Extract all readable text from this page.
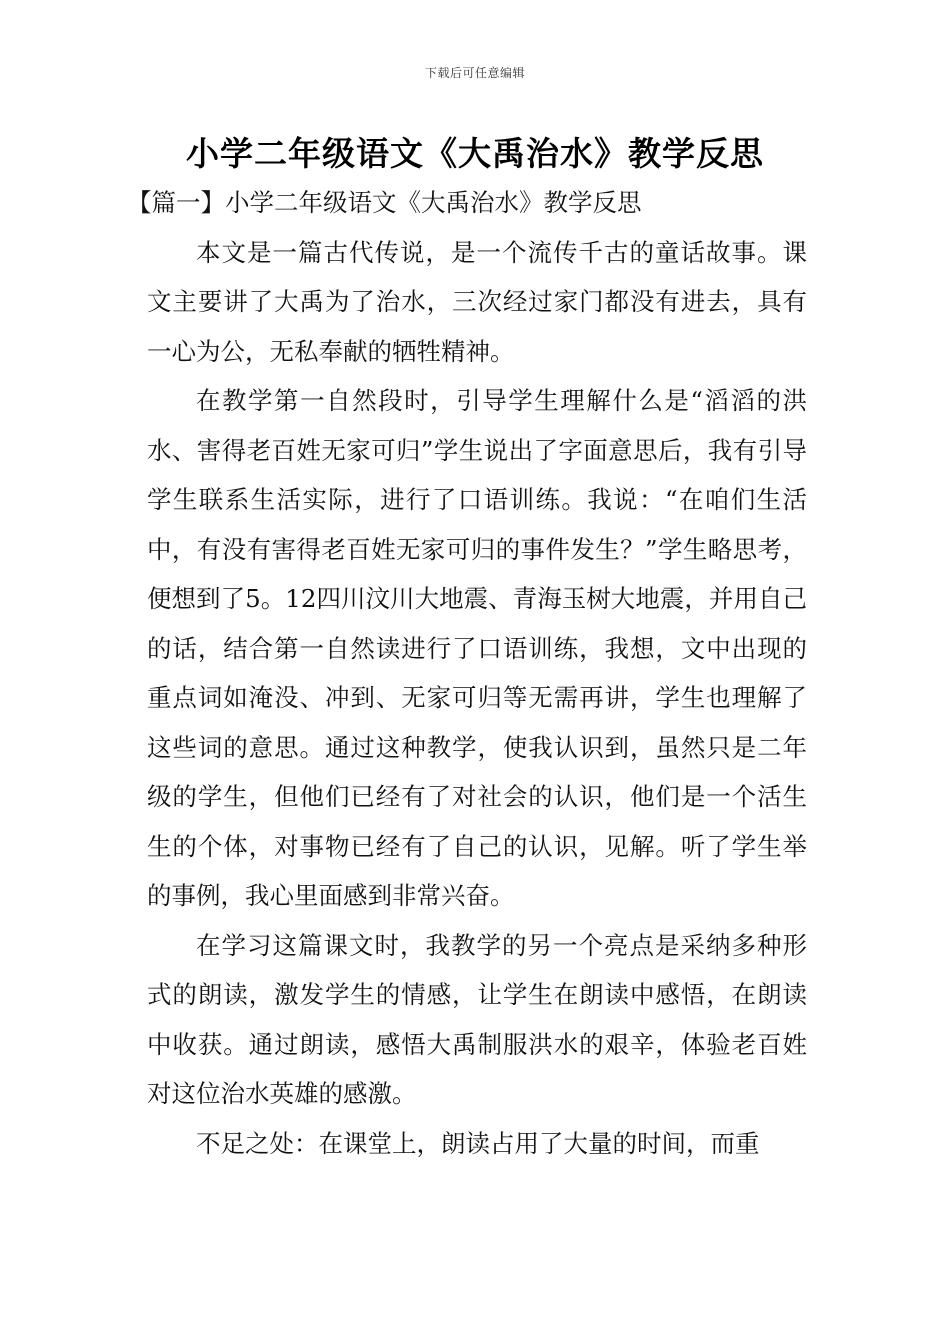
下载后可任意编辑
小学二年级语文《大禹治水》教学反思
【篇一】小学二年级语文《大禹治水》教学反思

本文是一篇古代传说，是一个流传千古的童话故事。课文主要讲了大禹为了治水，三次经过家门都没有进去，具有一心为公，无私奉献的牺牲精神。

在教学第一自然段时，引导学生理解什么是“滔滔的洪水、害得老百姓无家可归”学生说出了字面意思后，我有引导学生联系生活实际，进行了口语训练。我说：“在咱们生活中，有没有害得老百姓无家可归的事件发生？”学生略思考，便想到了5。12四川汶川大地震、青海玉树大地震，并用自己的话，结合第一自然读进行了口语训练，我想，文中出现的重点词如淹没、冲到、无家可归等无需再讲，学生也理解了这些词的意思。通过这种教学，使我认识到，虽然只是二年级的学生，但他们已经有了对社会的认识，他们是一个活生生的个体，对事物已经有了自己的认识，见解。听了学生举的事例，我心里面感到非常兴奋。

在学习这篇课文时，我教学的另一个亮点是采纳多种形式的朗读，激发学生的情感，让学生在朗读中感悟，在朗读中收获。通过朗读，感悟大禹制服洪水的艰辛，体验老百姓对这位治水英雄的感激。

不足之处：在课堂上，朗读占用了大量的时间，而重
